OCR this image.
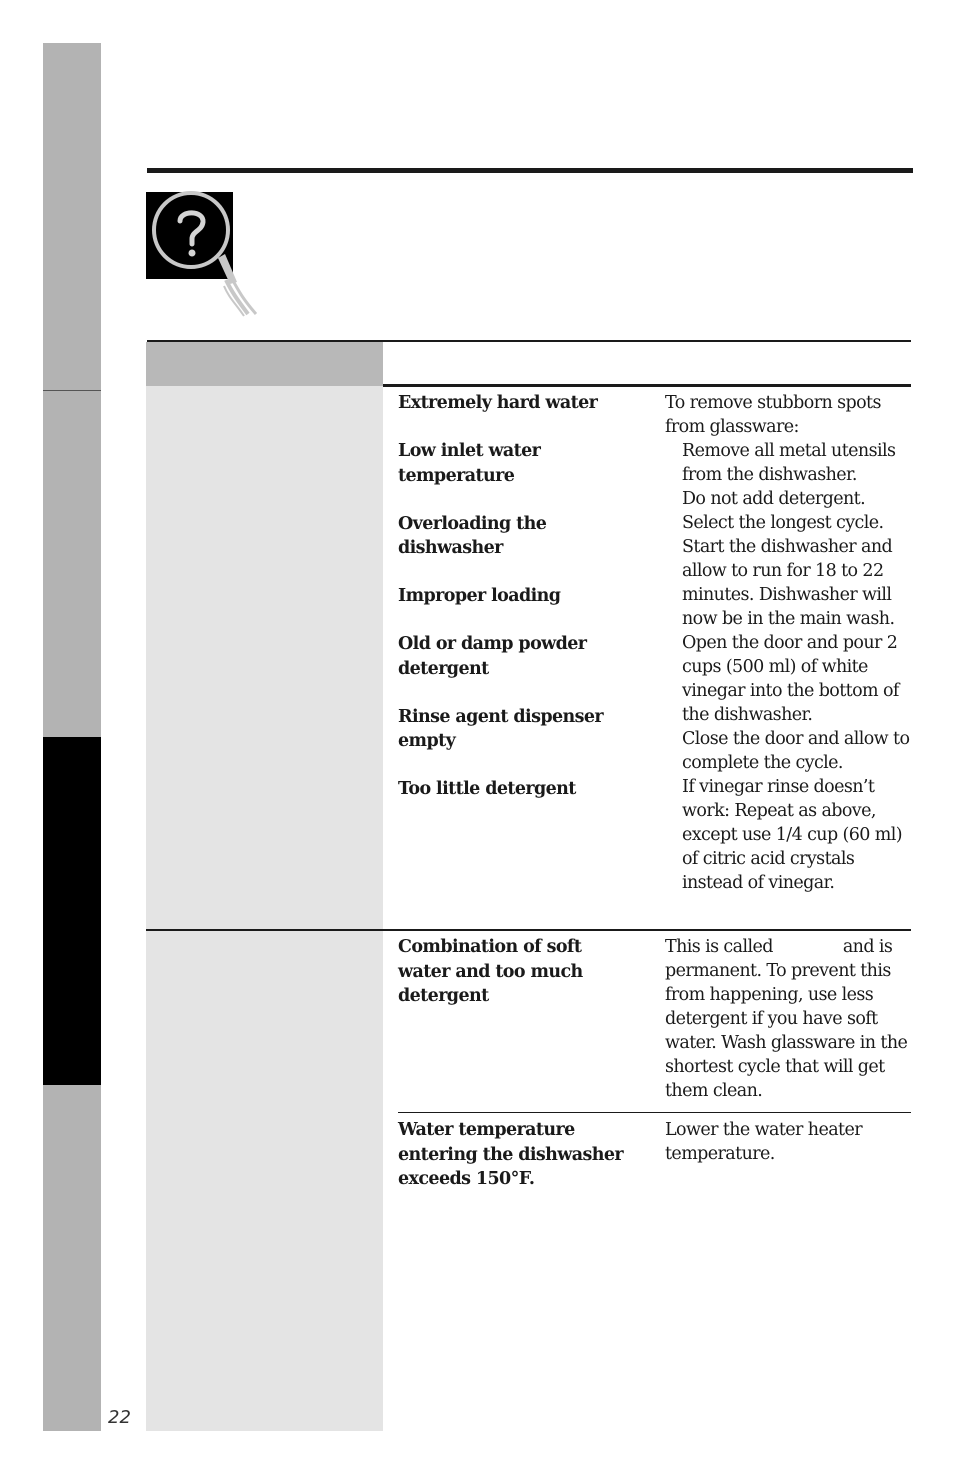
22
Extremely hard water
Low inlet water temperature
Overloading the dishwasher
Improper loading
Old or damp powder detergent
Rinse agent dispenser empty
Too little detergent
To remove stubborn spots from glassware:
Remove all metal utensils from the dishwasher.
Do not add detergent.
Select the longest cycle.
Start the dishwasher and allow to run for 18 to 22 minutes. Dishwasher will now be in the main wash.
Open the door and pour 2 cups (500 ml) of white vinegar into the bottom of the dishwasher.
Close the door and allow to complete the cycle.
If vinegar rinse doesn’t work: Repeat as above, except use 1/4 cup (60 ml) of citric acid crystals instead of vinegar.
Combination of soft water and too much detergent
This is called	and is permanent. To prevent this from happening, use less detergent if you have soft water. Wash glassware in the shortest cycle that will get them clean.
Water temperature entering the dishwasher exceeds 150°F.
Lower the water heater temperature.
